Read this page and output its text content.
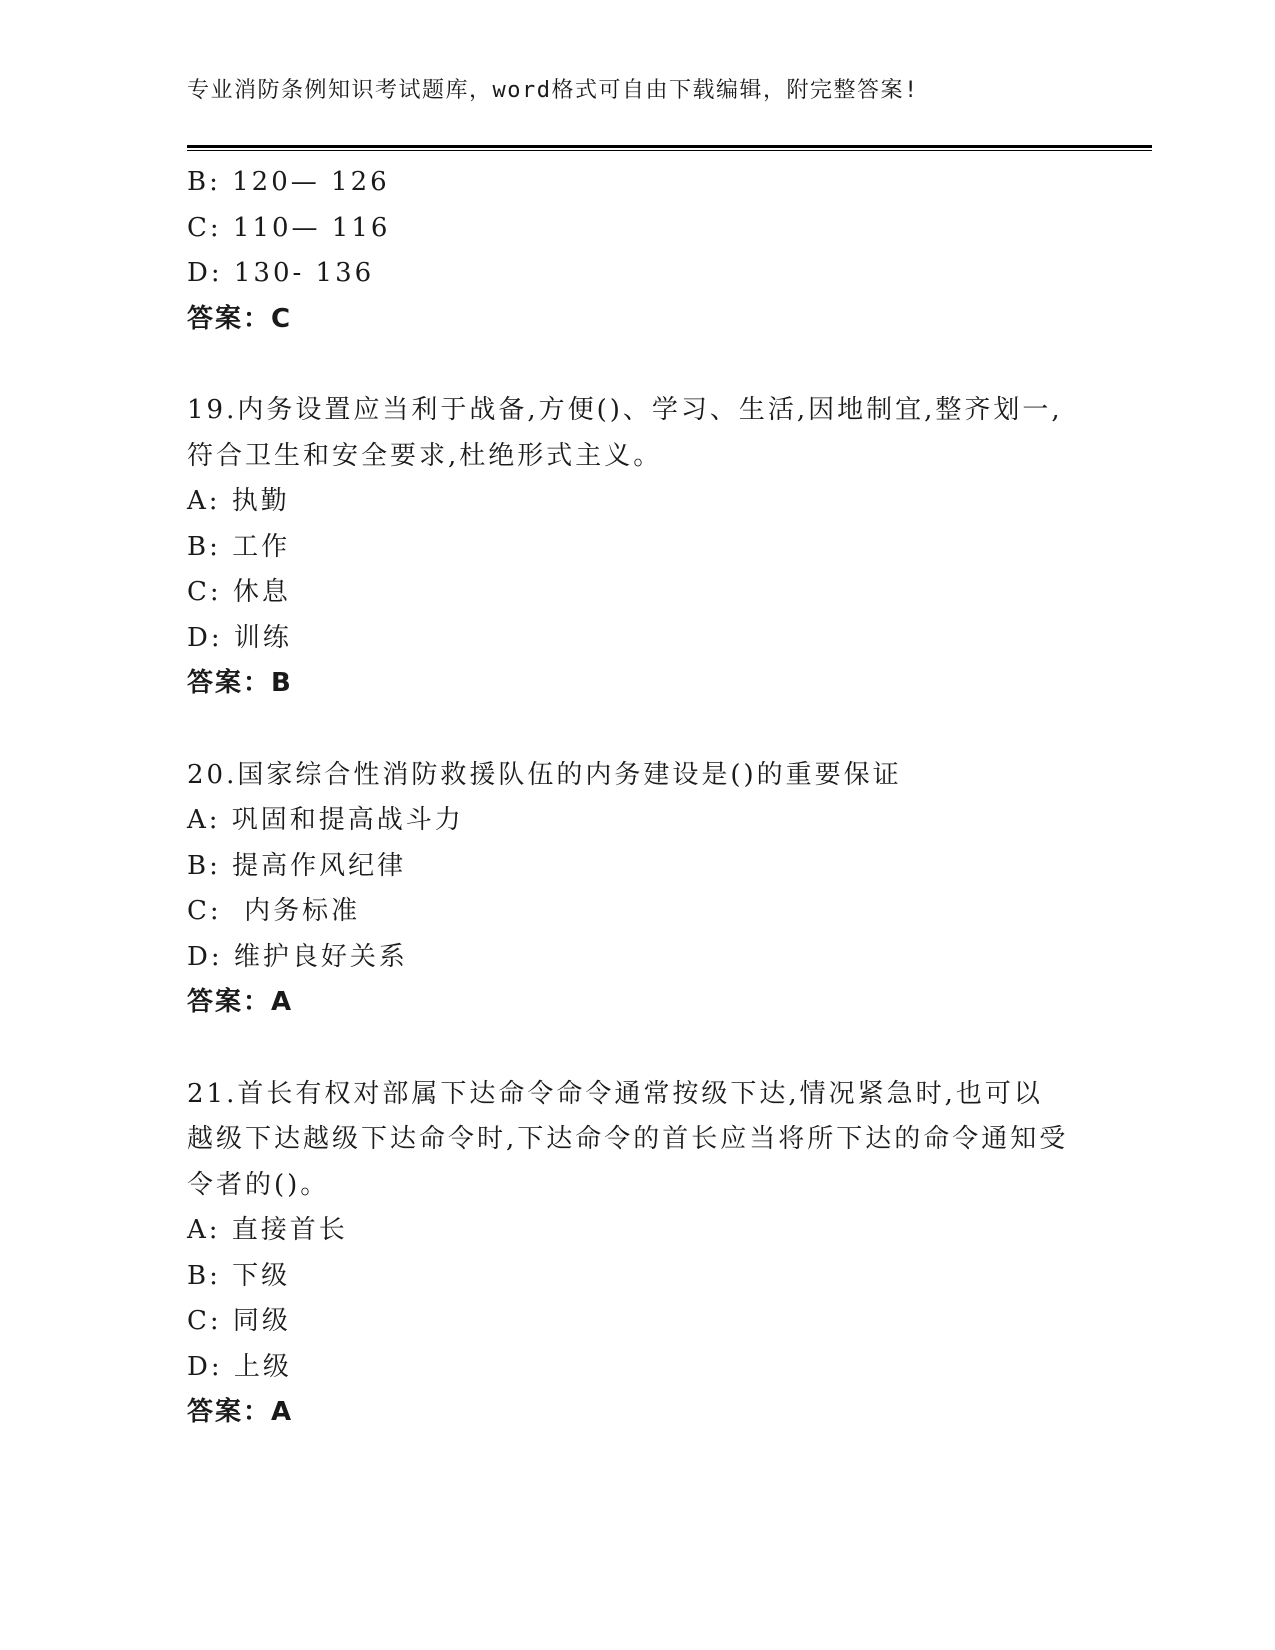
专业消防条例知识考试题库，word格式可自由下载编辑，附完整答案!
B: 120— 126
C: 110— 116
D: 130- 136
答案：C
19.内务设置应当利于战备,方便()、学习、生活,因地制宜,整齐划一,
符合卫生和安全要求,杜绝形式主义。
A: 执勤
B: 工作
C: 休息
D: 训练
答案：B
20.国家综合性消防救援队伍的内务建设是()的重要保证
A: 巩固和提高战斗力
B: 提高作风纪律
C:  内务标准
D: 维护良好关系
答案：A
21.首长有权对部属下达命令命令通常按级下达,情况紧急时,也可以
越级下达越级下达命令时,下达命令的首长应当将所下达的命令通知受
令者的()。
A: 直接首长
B: 下级
C: 同级
D: 上级
答案：A
